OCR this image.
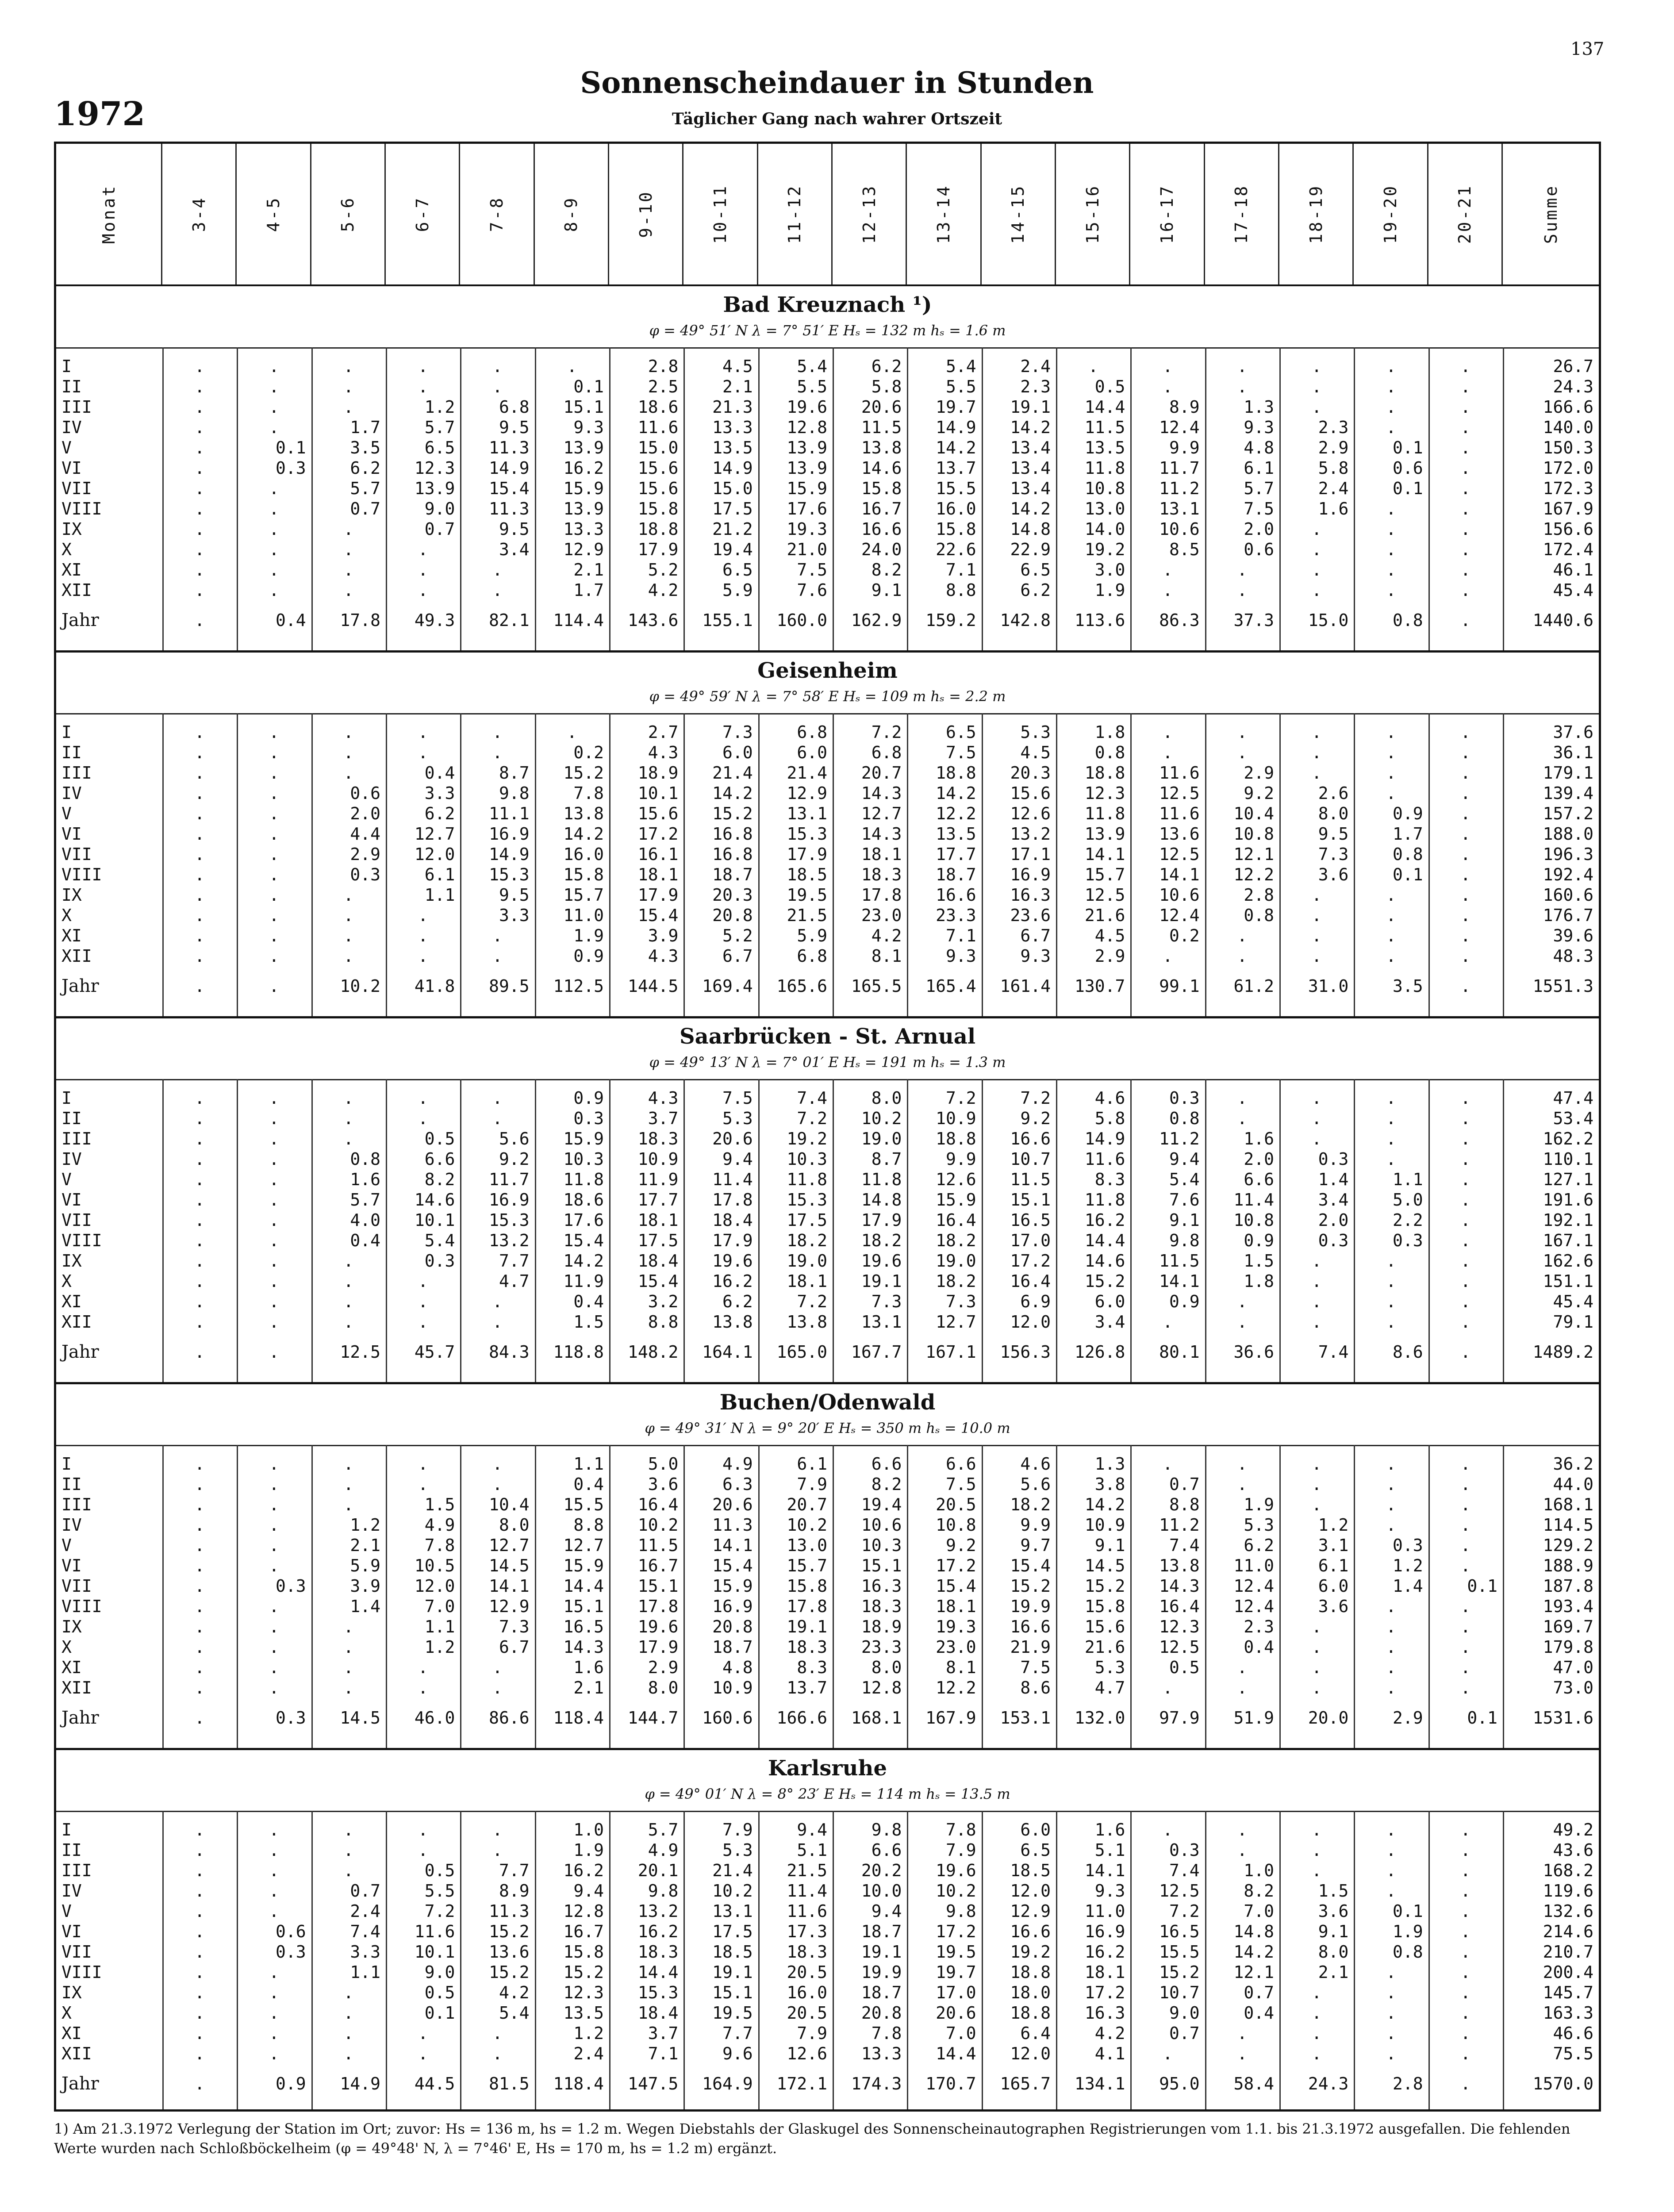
137
1972
Sonnenscheindauer in Stunden
Täglicher Gang nach wahrer Ortszeit
Monat	3-4	4-5	5-6	6-7	7-8	8-9	9-10	10-11	11-12	12-13	13-14	14-15	15-16	16-17	17-18	18-19	19-20	20-21	Summe
Bad Kreuznach ¹)
φ = 49° 51′ N λ = 7° 51′ E Hₛ = 132 m hₛ = 1.6 m
I	.	.	.	.	.	.	2.8	4.5	5.4	6.2	5.4	2.4	.	.	.	.	.	.	26.7
II	.	.	.	.	.	0.1	2.5	2.1	5.5	5.8	5.5	2.3	0.5	.	.	.	.	.	24.3
III	.	.	.	1.2	6.8	15.1	18.6	21.3	19.6	20.6	19.7	19.1	14.4	8.9	1.3	.	.	.	166.6
IV	.	.	1.7	5.7	9.5	9.3	11.6	13.3	12.8	11.5	14.9	14.2	11.5	12.4	9.3	2.3	.	.	140.0
V	.	0.1	3.5	6.5	11.3	13.9	15.0	13.5	13.9	13.8	14.2	13.4	13.5	9.9	4.8	2.9	0.1	.	150.3
VI	.	0.3	6.2	12.3	14.9	16.2	15.6	14.9	13.9	14.6	13.7	13.4	11.8	11.7	6.1	5.8	0.6	.	172.0
VII	.	.	5.7	13.9	15.4	15.9	15.6	15.0	15.9	15.8	15.5	13.4	10.8	11.2	5.7	2.4	0.1	.	172.3
VIII	.	.	0.7	9.0	11.3	13.9	15.8	17.5	17.6	16.7	16.0	14.2	13.0	13.1	7.5	1.6	.	.	167.9
IX	.	.	.	0.7	9.5	13.3	18.8	21.2	19.3	16.6	15.8	14.8	14.0	10.6	2.0	.	.	.	156.6
X	.	.	.	.	3.4	12.9	17.9	19.4	21.0	24.0	22.6	22.9	19.2	8.5	0.6	.	.	.	172.4
XI	.	.	.	.	.	2.1	5.2	6.5	7.5	8.2	7.1	6.5	3.0	.	.	.	.	.	46.1
XII	.	.	.	.	.	1.7	4.2	5.9	7.6	9.1	8.8	6.2	1.9	.	.	.	.	.	45.4
Jahr	.	0.4	17.8	49.3	82.1	114.4	143.6	155.1	160.0	162.9	159.2	142.8	113.6	86.3	37.3	15.0	0.8	.	1440.6
Geisenheim
φ = 49° 59′ N λ = 7° 58′ E Hₛ = 109 m hₛ = 2.2 m
I	.	.	.	.	.	.	2.7	7.3	6.8	7.2	6.5	5.3	1.8	.	.	.	.	.	37.6
II	.	.	.	.	.	0.2	4.3	6.0	6.0	6.8	7.5	4.5	0.8	.	.	.	.	.	36.1
III	.	.	.	0.4	8.7	15.2	18.9	21.4	21.4	20.7	18.8	20.3	18.8	11.6	2.9	.	.	.	179.1
IV	.	.	0.6	3.3	9.8	7.8	10.1	14.2	12.9	14.3	14.2	15.6	12.3	12.5	9.2	2.6	.	.	139.4
V	.	.	2.0	6.2	11.1	13.8	15.6	15.2	13.1	12.7	12.2	12.6	11.8	11.6	10.4	8.0	0.9	.	157.2
VI	.	.	4.4	12.7	16.9	14.2	17.2	16.8	15.3	14.3	13.5	13.2	13.9	13.6	10.8	9.5	1.7	.	188.0
VII	.	.	2.9	12.0	14.9	16.0	16.1	16.8	17.9	18.1	17.7	17.1	14.1	12.5	12.1	7.3	0.8	.	196.3
VIII	.	.	0.3	6.1	15.3	15.8	18.1	18.7	18.5	18.3	18.7	16.9	15.7	14.1	12.2	3.6	0.1	.	192.4
IX	.	.	.	1.1	9.5	15.7	17.9	20.3	19.5	17.8	16.6	16.3	12.5	10.6	2.8	.	.	.	160.6
X	.	.	.	.	3.3	11.0	15.4	20.8	21.5	23.0	23.3	23.6	21.6	12.4	0.8	.	.	.	176.7
XI	.	.	.	.	.	1.9	3.9	5.2	5.9	4.2	7.1	6.7	4.5	0.2	.	.	.	.	39.6
XII	.	.	.	.	.	0.9	4.3	6.7	6.8	8.1	9.3	9.3	2.9	.	.	.	.	.	48.3
Jahr	.	.	10.2	41.8	89.5	112.5	144.5	169.4	165.6	165.5	165.4	161.4	130.7	99.1	61.2	31.0	3.5	.	1551.3
Saarbrücken - St. Arnual
φ = 49° 13′ N λ = 7° 01′ E Hₛ = 191 m hₛ = 1.3 m
I	.	.	.	.	.	0.9	4.3	7.5	7.4	8.0	7.2	7.2	4.6	0.3	.	.	.	.	47.4
II	.	.	.	.	.	0.3	3.7	5.3	7.2	10.2	10.9	9.2	5.8	0.8	.	.	.	.	53.4
III	.	.	.	0.5	5.6	15.9	18.3	20.6	19.2	19.0	18.8	16.6	14.9	11.2	1.6	.	.	.	162.2
IV	.	.	0.8	6.6	9.2	10.3	10.9	9.4	10.3	8.7	9.9	10.7	11.6	9.4	2.0	0.3	.	.	110.1
V	.	.	1.6	8.2	11.7	11.8	11.9	11.4	11.8	11.8	12.6	11.5	8.3	5.4	6.6	1.4	1.1	.	127.1
VI	.	.	5.7	14.6	16.9	18.6	17.7	17.8	15.3	14.8	15.9	15.1	11.8	7.6	11.4	3.4	5.0	.	191.6
VII	.	.	4.0	10.1	15.3	17.6	18.1	18.4	17.5	17.9	16.4	16.5	16.2	9.1	10.8	2.0	2.2	.	192.1
VIII	.	.	0.4	5.4	13.2	15.4	17.5	17.9	18.2	18.2	18.2	17.0	14.4	9.8	0.9	0.3	0.3	.	167.1
IX	.	.	.	0.3	7.7	14.2	18.4	19.6	19.0	19.6	19.0	17.2	14.6	11.5	1.5	.	.	.	162.6
X	.	.	.	.	4.7	11.9	15.4	16.2	18.1	19.1	18.2	16.4	15.2	14.1	1.8	.	.	.	151.1
XI	.	.	.	.	.	0.4	3.2	6.2	7.2	7.3	7.3	6.9	6.0	0.9	.	.	.	.	45.4
XII	.	.	.	.	.	1.5	8.8	13.8	13.8	13.1	12.7	12.0	3.4	.	.	.	.	.	79.1
Jahr	.	.	12.5	45.7	84.3	118.8	148.2	164.1	165.0	167.7	167.1	156.3	126.8	80.1	36.6	7.4	8.6	.	1489.2
Buchen/Odenwald
φ = 49° 31′ N λ = 9° 20′ E Hₛ = 350 m hₛ = 10.0 m
I	.	.	.	.	.	1.1	5.0	4.9	6.1	6.6	6.6	4.6	1.3	.	.	.	.	.	36.2
II	.	.	.	.	.	0.4	3.6	6.3	7.9	8.2	7.5	5.6	3.8	0.7	.	.	.	.	44.0
III	.	.	.	1.5	10.4	15.5	16.4	20.6	20.7	19.4	20.5	18.2	14.2	8.8	1.9	.	.	.	168.1
IV	.	.	1.2	4.9	8.0	8.8	10.2	11.3	10.2	10.6	10.8	9.9	10.9	11.2	5.3	1.2	.	.	114.5
V	.	.	2.1	7.8	12.7	12.7	11.5	14.1	13.0	10.3	9.2	9.7	9.1	7.4	6.2	3.1	0.3	.	129.2
VI	.	.	5.9	10.5	14.5	15.9	16.7	15.4	15.7	15.1	17.2	15.4	14.5	13.8	11.0	6.1	1.2	.	188.9
VII	.	0.3	3.9	12.0	14.1	14.4	15.1	15.9	15.8	16.3	15.4	15.2	15.2	14.3	12.4	6.0	1.4	0.1	187.8
VIII	.	.	1.4	7.0	12.9	15.1	17.8	16.9	17.8	18.3	18.1	19.9	15.8	16.4	12.4	3.6	.	.	193.4
IX	.	.	.	1.1	7.3	16.5	19.6	20.8	19.1	18.9	19.3	16.6	15.6	12.3	2.3	.	.	.	169.7
X	.	.	.	1.2	6.7	14.3	17.9	18.7	18.3	23.3	23.0	21.9	21.6	12.5	0.4	.	.	.	179.8
XI	.	.	.	.	.	1.6	2.9	4.8	8.3	8.0	8.1	7.5	5.3	0.5	.	.	.	.	47.0
XII	.	.	.	.	.	2.1	8.0	10.9	13.7	12.8	12.2	8.6	4.7	.	.	.	.	.	73.0
Jahr	.	0.3	14.5	46.0	86.6	118.4	144.7	160.6	166.6	168.1	167.9	153.1	132.0	97.9	51.9	20.0	2.9	0.1	1531.6
Karlsruhe
φ = 49° 01′ N λ = 8° 23′ E Hₛ = 114 m hₛ = 13.5 m
I	.	.	.	.	.	1.0	5.7	7.9	9.4	9.8	7.8	6.0	1.6	.	.	.	.	.	49.2
II	.	.	.	.	.	1.9	4.9	5.3	5.1	6.6	7.9	6.5	5.1	0.3	.	.	.	.	43.6
III	.	.	.	0.5	7.7	16.2	20.1	21.4	21.5	20.2	19.6	18.5	14.1	7.4	1.0	.	.	.	168.2
IV	.	.	0.7	5.5	8.9	9.4	9.8	10.2	11.4	10.0	10.2	12.0	9.3	12.5	8.2	1.5	.	.	119.6
V	.	.	2.4	7.2	11.3	12.8	13.2	13.1	11.6	9.4	9.8	12.9	11.0	7.2	7.0	3.6	0.1	.	132.6
VI	.	0.6	7.4	11.6	15.2	16.7	16.2	17.5	17.3	18.7	17.2	16.6	16.9	16.5	14.8	9.1	1.9	.	214.6
VII	.	0.3	3.3	10.1	13.6	15.8	18.3	18.5	18.3	19.1	19.5	19.2	16.2	15.5	14.2	8.0	0.8	.	210.7
VIII	.	.	1.1	9.0	15.2	15.2	14.4	19.1	20.5	19.9	19.7	18.8	18.1	15.2	12.1	2.1	.	.	200.4
IX	.	.	.	0.5	4.2	12.3	15.3	15.1	16.0	18.7	17.0	18.0	17.2	10.7	0.7	.	.	.	145.7
X	.	.	.	0.1	5.4	13.5	18.4	19.5	20.5	20.8	20.6	18.8	16.3	9.0	0.4	.	.	.	163.3
XI	.	.	.	.	.	1.2	3.7	7.7	7.9	7.8	7.0	6.4	4.2	0.7	.	.	.	.	46.6
XII	.	.	.	.	.	2.4	7.1	9.6	12.6	13.3	14.4	12.0	4.1	.	.	.	.	.	75.5
Jahr	.	0.9	14.9	44.5	81.5	118.4	147.5	164.9	172.1	174.3	170.7	165.7	134.1	95.0	58.4	24.3	2.8	.	1570.0
1) Am 21.3.1972 Verlegung der Station im Ort; zuvor: Hs = 136 m, hs = 1.2 m. Wegen Diebstahls der Glaskugel des Sonnenscheinautographen Registrierungen vom 1.1. bis 21.3.1972 ausgefallen. Die fehlenden Werte wurden nach Schloßböckelheim (φ = 49°48' N, λ = 7°46' E, Hs = 170 m, hs = 1.2 m) ergänzt.
